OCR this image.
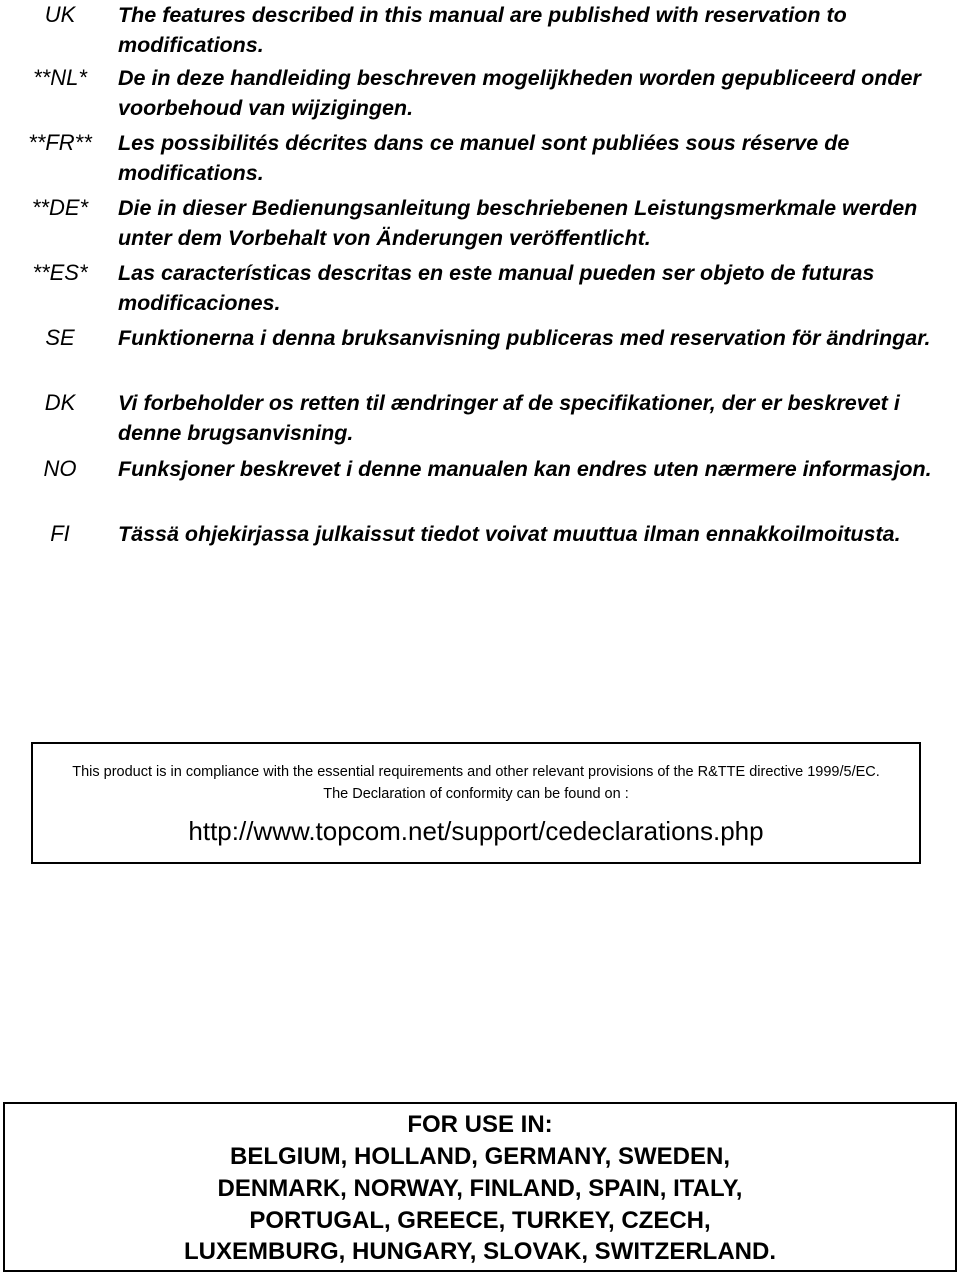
UK	The features described in this manual are published with reservation to modifications.
**NL*	De in deze handleiding beschreven mogelijkheden worden gepubliceerd onder voorbehoud van wijzigingen.
**FR**	Les possibilités décrites dans ce manuel sont publiées sous réserve de modifications.
**DE*	Die in dieser Bedienungsanleitung beschriebenen Leistungsmerkmale werden unter dem Vorbehalt von Änderungen veröffentlicht.
**ES*	Las características descritas en este manual pueden ser objeto de futuras modificaciones.
SE	Funktionerna i denna bruksanvisning publiceras med reservation för ändringar.
DK	Vi forbeholder os retten til ændringer af de specifikationer, der er beskrevet i denne brugsanvisning.
NO	Funksjoner beskrevet i denne manualen kan endres uten nærmere informasjon.
FI	Tässä ohjekirjassa julkaissut tiedot voivat muuttua ilman ennakkoilmoitusta.
This product is in compliance with the essential requirements and other relevant provisions of the R&TTE directive 1999/5/EC.
The Declaration of conformity can be found on :
http://www.topcom.net/support/cedeclarations.php
FOR USE IN:
BELGIUM, HOLLAND, GERMANY, SWEDEN,
DENMARK, NORWAY, FINLAND, SPAIN, ITALY,
PORTUGAL, GREECE, TURKEY, CZECH,
LUXEMBURG, HUNGARY, SLOVAK, SWITZERLAND.
